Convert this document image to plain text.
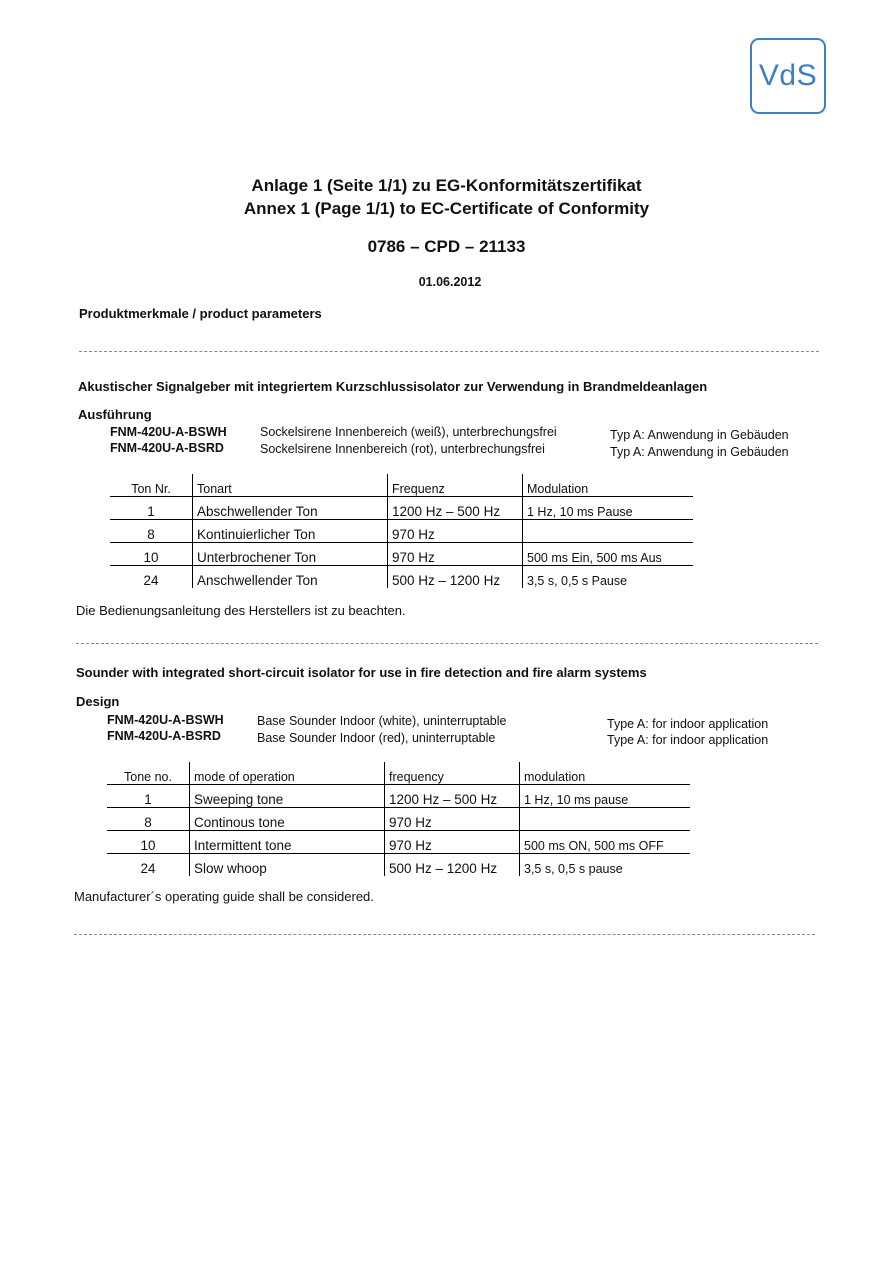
VdS
Anlage 1 (Seite 1/1) zu EG-Konformitätszertifikat
Annex 1 (Page 1/1) to EC-Certificate of Conformity
0786 – CPD – 21133
01.06.2012
Produktmerkmale / product parameters
Akustischer Signalgeber mit integriertem Kurzschlussisolator zur Verwendung in Brandmeldeanlagen
Ausführung
FNM-420U-A-BSWH	Sockelsirene Innenbereich (weiß), unterbrechungsfrei	Typ A: Anwendung in Gebäuden
FNM-420U-A-BSRD	Sockelsirene Innenbereich (rot), unterbrechungsfrei	Typ A: Anwendung in Gebäuden
Ton Nr.	Tonart	Frequenz	Modulation
1	Abschwellender Ton	1200 Hz – 500 Hz	1 Hz, 10 ms Pause
8	Kontinuierlicher Ton	970 Hz	
10	Unterbrochener Ton	970 Hz	500 ms Ein, 500 ms Aus
24	Anschwellender Ton	500 Hz – 1200 Hz	3,5 s, 0,5 s Pause
Die Bedienungsanleitung des Herstellers ist zu beachten.
Sounder with integrated short-circuit isolator for use in fire detection and fire alarm systems
Design
FNM-420U-A-BSWH	Base Sounder Indoor (white), uninterruptable	Type A: for indoor application
FNM-420U-A-BSRD	Base Sounder Indoor (red), uninterruptable	Type A: for indoor application
Tone no.	mode of operation	frequency	modulation
1	Sweeping tone	1200 Hz – 500 Hz	1 Hz, 10 ms pause
8	Continous tone	970 Hz	
10	Intermittent tone	970 Hz	500 ms ON, 500 ms OFF
24	Slow whoop	500 Hz – 1200 Hz	3,5 s, 0,5 s pause
Manufacturer´s operating guide shall be considered.
